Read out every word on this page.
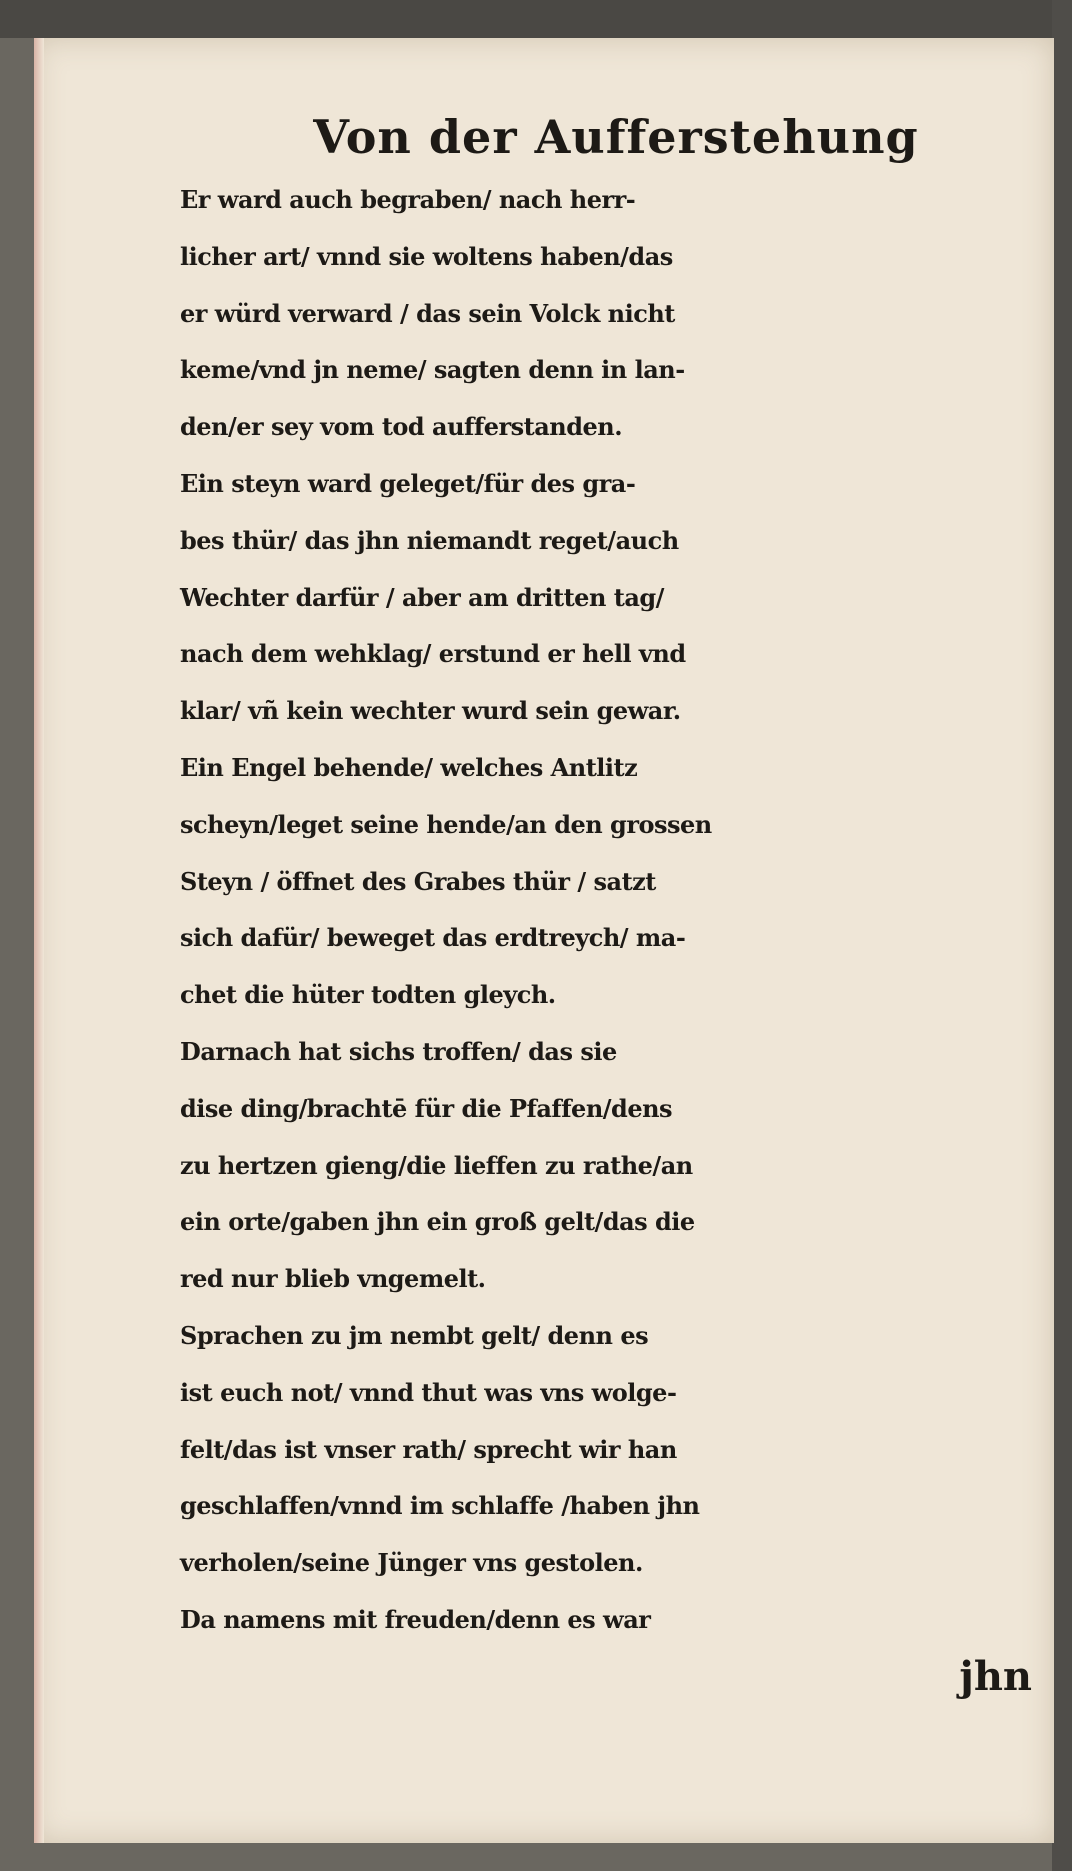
Von der Aufferstehung
Er ward auch begraben/ nach herr-
licher art/ vnnd sie woltens haben/das
er würd verward / das sein Volck nicht
keme/vnd jn neme/ sagten denn in lan-
den/er sey vom tod aufferstanden.
Ein steyn ward geleget/für des gra-
bes thür/ das jhn niemandt reget/auch
Wechter darfür / aber am dritten tag/
nach dem wehklag/ erstund er hell vnd
klar/ vñ kein wechter wurd sein gewar.
Ein Engel behende/ welches Antlitz
scheyn/leget seine hende/an den grossen
Steyn / öffnet des Grabes thür / satzt
sich dafür/ beweget das erdtreych/ ma-
chet die hüter todten gleych.
Darnach hat sichs troffen/ das sie
dise ding/brachtē für die Pfaffen/dens
zu hertzen gieng/die lieffen zu rathe/an
ein orte/gaben jhn ein groß gelt/das die
red nur blieb vngemelt.
Sprachen zu jm nembt gelt/ denn es
ist euch not/ vnnd thut was vns wolge-
felt/das ist vnser rath/ sprecht wir han
geschlaffen/vnnd im schlaffe /haben jhn
verholen/seine Jünger vns gestolen.
Da namens mit freuden/denn es war
jhn
